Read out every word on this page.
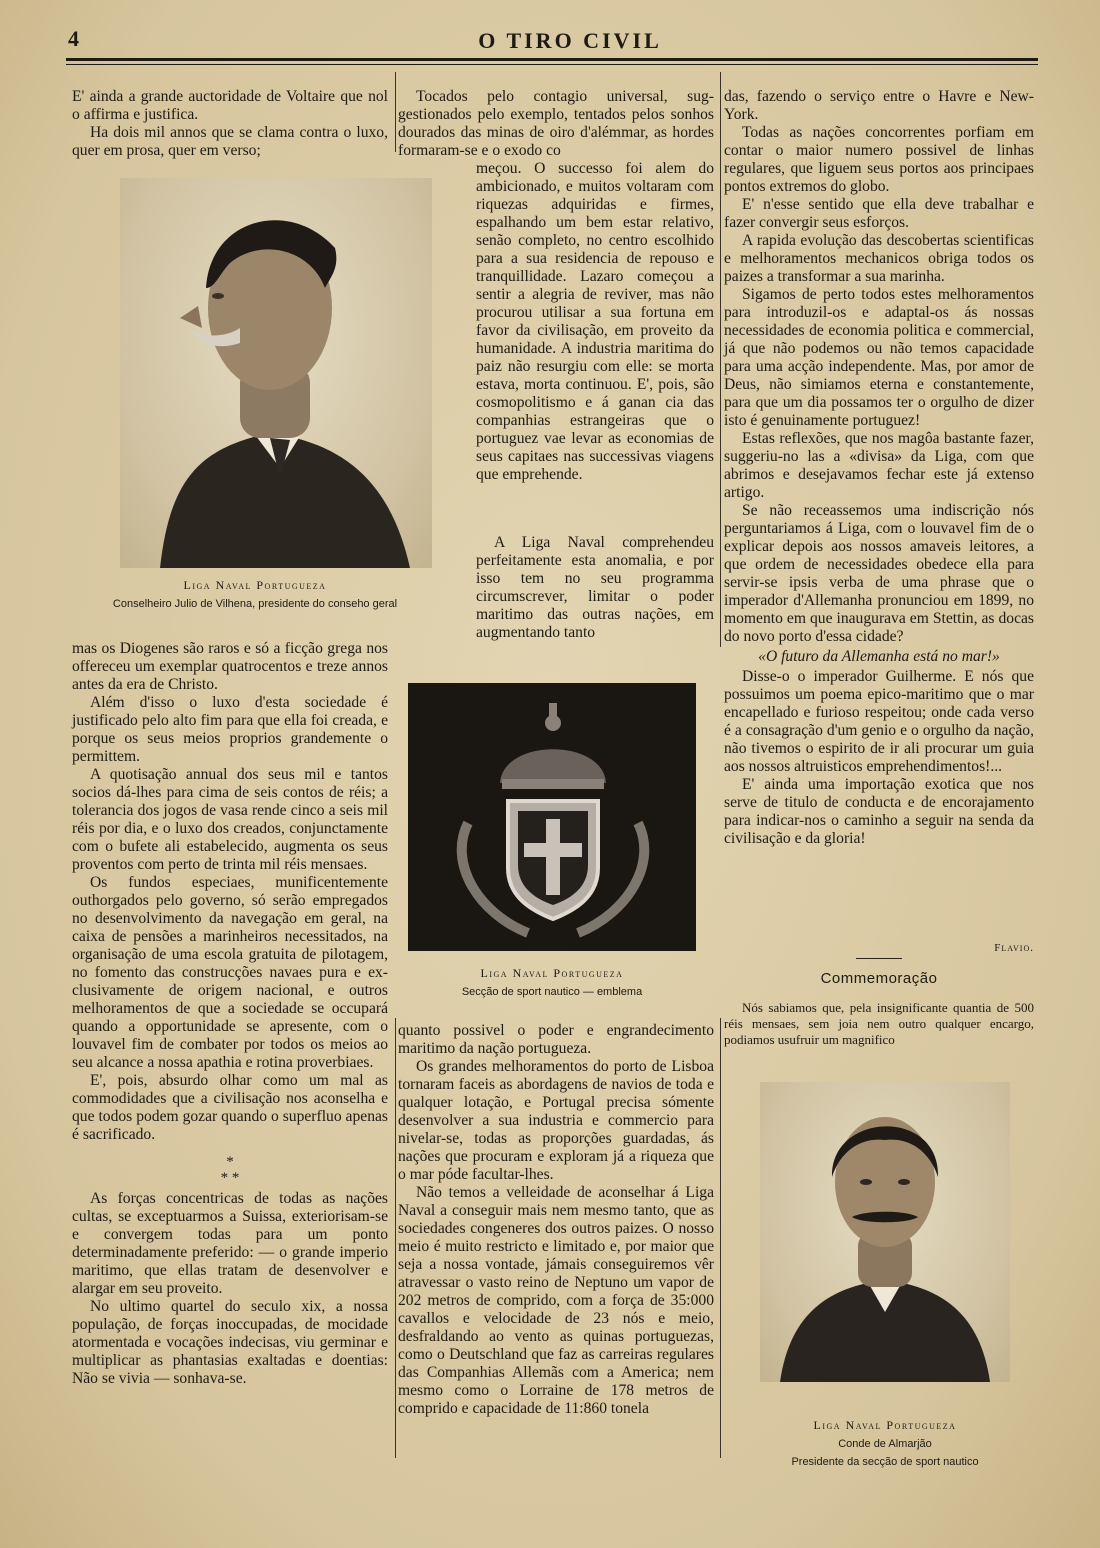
4	O TIRO CIVIL

E' ainda a grande auctoridade de Voltaire que nol o affirma e justifica.

Ha dois mil annos que se clama contra o luxo, quer em prosa, quer em verso;

Liga Naval Portugueza
Conselheiro Julio de Vilhena, presidente do conseho geral

mas os Diogenes são raros e só a ficção grega nos offereceu um exemplar quatrocentos e treze annos antes da era de Christo.

Além d'isso o luxo d'esta sociedade é justificado pelo alto fim para que ella foi creada, e porque os seus meios proprios grandemente o permittem.

A quotisação annual dos seus mil e tantos socios dá-lhes para cima de seis contos de réis; a tolerancia dos jogos de vasa rende cinco a seis mil réis por dia, e o luxo dos creados, conjunctamente com o bufete ali estabelecido, augmenta os seus proventos com perto de trinta mil réis mensaes.

Os fundos especiaes, munificentemente outhorgados pelo governo, só serão empregados no desenvolvimento da navegação em geral, na caixa de pensões a marinheiros necessitados, na organisação de uma escola gratuita de pilotagem, no fomento das construcções navaes pura e exclusivamente de origem nacional, e outros melhoramentos de que a sociedade se occupará quando a opportunidade se apresente, com o louvavel fim de combater por todos os meios ao seu alcance a nossa apathia e rotina proverbiaes.

E', pois, absurdo olhar como um mal as commodidades que a civilisação nos aconselha e que todos podem gozar quando o superfluo apenas é sacrificado.

*
* *

As forças concentricas de todas as nações cultas, se exceptuarmos a Suissa, exteriorisam-se e convergem todas para um ponto determinadamente preferido: — o grande imperio maritimo, que ellas tratam de desenvolver e alargar em seu proveito.

No ultimo quartel do seculo xix, a nossa população, de forças inoccupadas, de mocidade atormentada e vocações indecisas, viu germinar e multiplicar as phantasias exaltadas e doentias: Não se vivia — sonhava-se.

Tocados pelo contagio universal, suggestionados pelo exemplo, tentados pelos sonhos dourados das minas de oiro d'alémmar, as hordes formaram-se e o exodo co

meçou. O successo foi alem do ambicionado, e muitos voltaram com riquezas adquiridas e firmes, espalhando um bem estar relativo, senão completo, no centro escolhido para a sua residencia de repouso e tranquillidade. Lazaro começou a sentir a alegria de reviver, mas não procurou utilisar a sua fortuna em favor da civilisação, em proveito da humanidade. A industria maritima do paiz não resurgiu com elle: se morta estava, morta continuou. E', pois, são cosmopolitismo e á ganan cia das companhias estrangeiras que o portuguez vae levar as economias de seus capitaes nas successivas viagens que emprehende.

A Liga Naval comprehendeu perfeitamente esta anomalia, e por isso tem no seu programma circumscrever, limitar o poder maritimo das outras nações, em augmentando tanto
Liga Naval Portugueza
Secção de sport nautico — emblema

quanto possivel o poder e engrandecimento maritimo da nação portugueza.

Os grandes melhoramentos do porto de Lisboa tornaram faceis as abordagens de navios de toda e qualquer lotação, e Portugal precisa sómente desenvolver a sua industria e commercio para nivelar-se, todas as proporções guardadas, ás nações que procuram e exploram já a riqueza que o mar póde facultar-lhes.

Não temos a velleidade de aconselhar á Liga Naval a conseguir mais nem mesmo tanto, que as sociedades congeneres dos outros paizes. O nosso meio é muito restricto e limitado e, por maior que seja a nossa vontade, jámais conseguiremos vêr atravessar o vasto reino de Neptuno um vapor de 202 metros de comprido, com a força de 35:000 cavallos e velocidade de 23 nós e meio, desfraldando ao vento as quinas portuguezas, como o Deutschland que faz as carreiras regulares das Companhias Allemãs com a America; nem mesmo como o Lorraine de 178 metros de comprido e capacidade de 11:860 tonela

das, fazendo o serviço entre o Havre e New-York.

Todas as nações concorrentes porfiam em contar o maior numero possivel de linhas regulares, que liguem seus portos aos principaes pontos extremos do globo.

E' n'esse sentido que ella deve trabalhar e fazer convergir seus esforços.

A rapida evolução das descobertas scientificas e melhoramentos mechanicos obriga todos os paizes a transformar a sua marinha.

Sigamos de perto todos estes melhoramentos para introduzil-os e adaptal-os ás nossas necessidades de economia politica e commercial, já que não podemos ou não temos capacidade para uma acção independente. Mas, por amor de Deus, não simiamos eterna e constantemente, para que um dia possamos ter o orgulho de dizer isto é genuinamente portuguez!

Estas reflexões, que nos magôa bastante fazer, suggeriu-no las a «divisa» da Liga, com que abrimos e desejavamos fechar este já extenso artigo.

Se não receassemos uma indiscrição nós perguntariamos á Liga, com o louvavel fim de o explicar depois aos nossos amaveis leitores, a que ordem de necessidades obedece ella para servir-se ipsis verba de uma phrase que o imperador d'Allemanha pronunciou em 1899, no momento em que inaugurava em Stettin, as docas do novo porto d'essa cidade?

«O futuro da Allemanha está no mar!»

Disse-o o imperador Guilherme. E nós que possuimos um poema epico-maritimo que o mar encapellado e furioso respeitou; onde cada verso é a consagração d'um genio e o orgulho da nação, não tivemos o espirito de ir ali procurar um guia aos nossos altruisticos emprehendimentos!...

E' ainda uma importação exotica que nos serve de titulo de conducta e de encorajamento para indicar-nos o caminho a seguir na senda da civilisação e da gloria!

Flavio.
Commemoração
Nós sabiamos que, pela insignificante quantia de 500 réis mensaes, sem joia nem outro qualquer encargo, podiamos usufruir um magnifico
Liga Naval Portugueza
Conde de Almarjão
Presidente da secção de sport nautico
